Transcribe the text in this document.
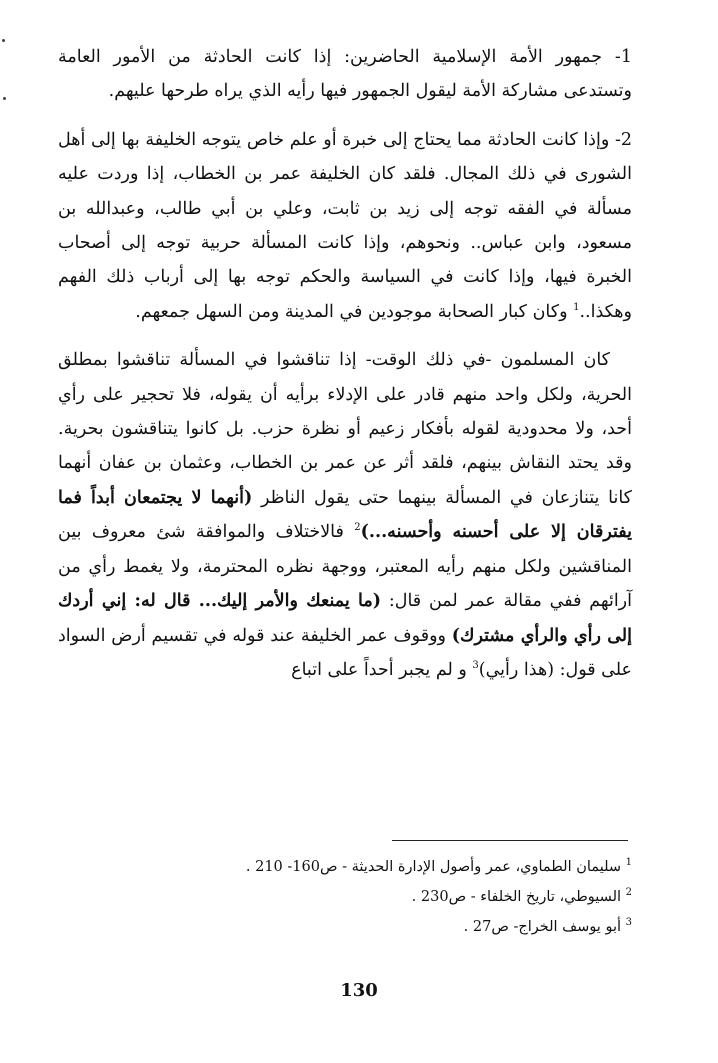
1- جمهور الأمة الإسلامية الحاضرين: إذا كانت الحادثة من الأمور العامة وتستدعى مشاركة الأمة ليقول الجمهور فيها رأيه الذي يراه طرحها عليهم.

2- وإذا كانت الحادثة مما يحتاج إلى خبرة أو علم خاص يتوجه الخليفة بها إلى أهل الشورى في ذلك المجال. فلقد كان الخليفة عمر بن الخطاب، إذا وردت عليه مسألة في الفقه توجه إلى زيد بن ثابت، وعلي بن أبي طالب، وعبدالله بن مسعود، وابن عباس.. ونحوهم، وإذا كانت المسألة حربية توجه إلى أصحاب الخبرة فيها، وإذا كانت في السياسة والحكم توجه بها إلى أرباب ذلك الفهم وهكذا..$^1$ وكان كبار الصحابة موجودين في المدينة ومن السهل جمعهم.

كان المسلمون -في ذلك الوقت- إذا تناقشوا في المسألة تناقشوا بمطلق الحرية، ولكل واحد منهم قادر على الإدلاء برأيه أن يقوله، فلا تحجير على رأي أحد، ولا محدودية لقوله بأفكار زعيم أو نظرة حزب. بل كانوا يتناقشون بحرية. وقد يحتد النقاش بينهم، فلقد أثر عن عمر بن الخطاب، وعثمان بن عفان أنهما كانا يتنازعان في المسألة بينهما حتى يقول الناظر (أنهما لا يجتمعان أبداً فما يفترقان إلا على أحسنه وأحسنه...)$^2$ فالاختلاف والموافقة شئ معروف بين المناقشين ولكل منهم رأيه المعتبر، ووجهة نظره المحترمة، ولا يغمط رأي من آرائهم ففي مقالة عمر لمن قال: (ما يمنعك والأمر إليك... قال له: إني أردك إلى رأي والرأي مشترك) ووقوف عمر الخليفة عند قوله في تقسيم أرض السواد على قول: (هذا رأيي)$^3$ و لم يجبر أحداً على اتباع

$^1$ سليمان الطماوي، عمر وأصول الإدارة الحديثة - ص160- 210 .

$^2$ السيوطي، تاريخ الخلفاء - ص230 .

$^3$ أبو يوسف الخراج- ص27 .

130
